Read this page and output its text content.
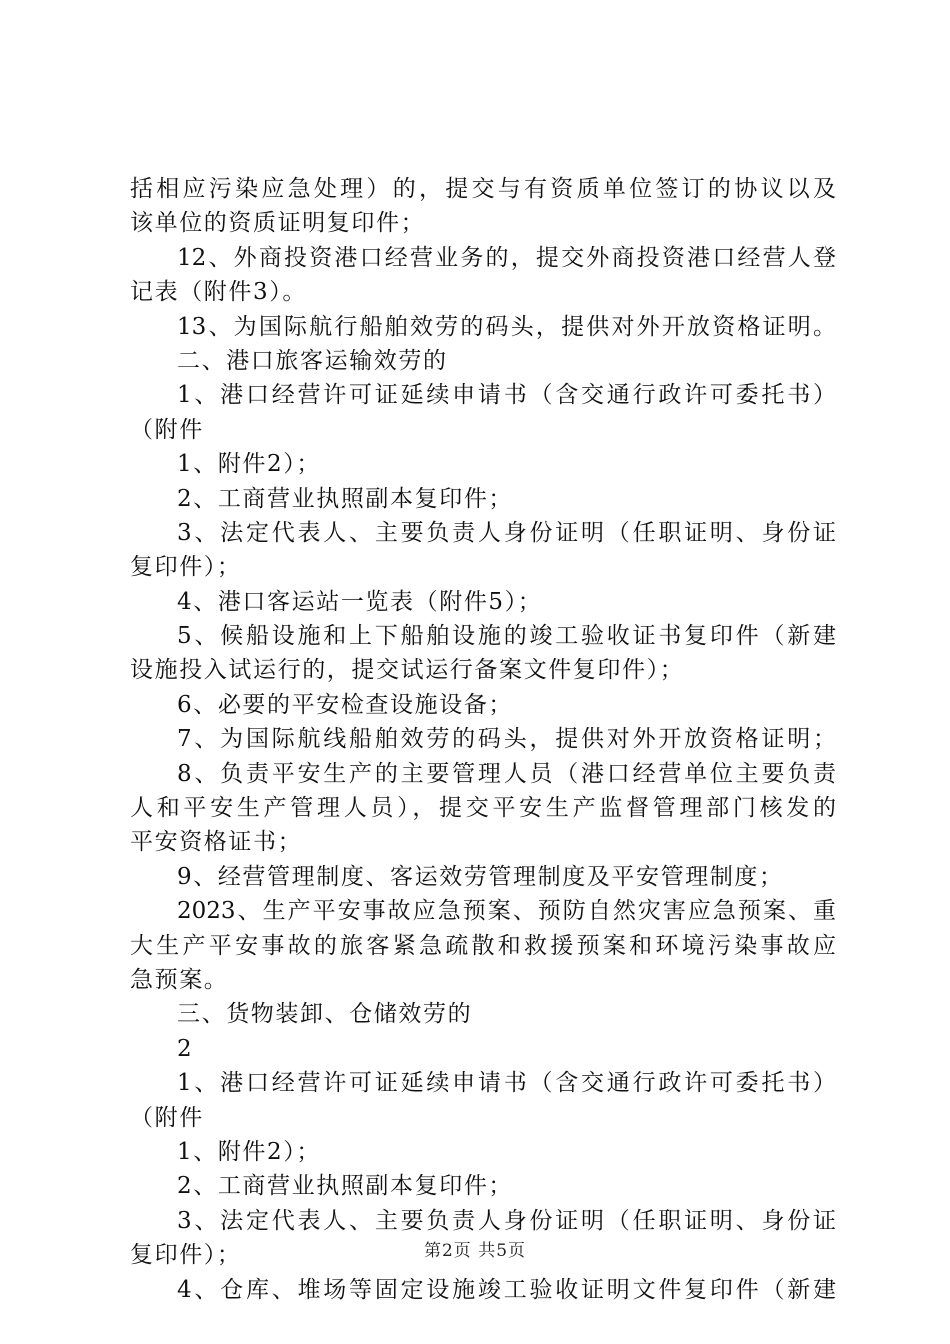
括相应污染应急处理）的，提交与有资质单位签订的协议以及
该单位的资质证明复印件；
12、外商投资港口经营业务的，提交外商投资港口经营人登
记表（附件3）。
13、为国际航行船舶效劳的码头，提供对外开放资格证明。
二、港口旅客运输效劳的
1、港口经营许可证延续申请书（含交通行政许可委托书）
（附件
1、附件2）；
2、工商营业执照副本复印件；
3、法定代表人、主要负责人身份证明（任职证明、身份证
复印件）；
4、港口客运站一览表（附件5）；
5、候船设施和上下船舶设施的竣工验收证书复印件（新建
设施投入试运行的，提交试运行备案文件复印件）；
6、必要的平安检查设施设备；
7、为国际航线船舶效劳的码头，提供对外开放资格证明；
8、负责平安生产的主要管理人员（港口经营单位主要负责
人和平安生产管理人员），提交平安生产监督管理部门核发的
平安资格证书；
9、经营管理制度、客运效劳管理制度及平安管理制度；
2023、生产平安事故应急预案、预防自然灾害应急预案、重
大生产平安事故的旅客紧急疏散和救援预案和环境污染事故应
急预案。
三、货物装卸、仓储效劳的
2
1、港口经营许可证延续申请书（含交通行政许可委托书）
（附件
1、附件2）；
2、工商营业执照副本复印件；
3、法定代表人、主要负责人身份证明（任职证明、身份证
复印件）；
4、仓库、堆场等固定设施竣工验收证明文件复印件（新建
第2页 共5页
